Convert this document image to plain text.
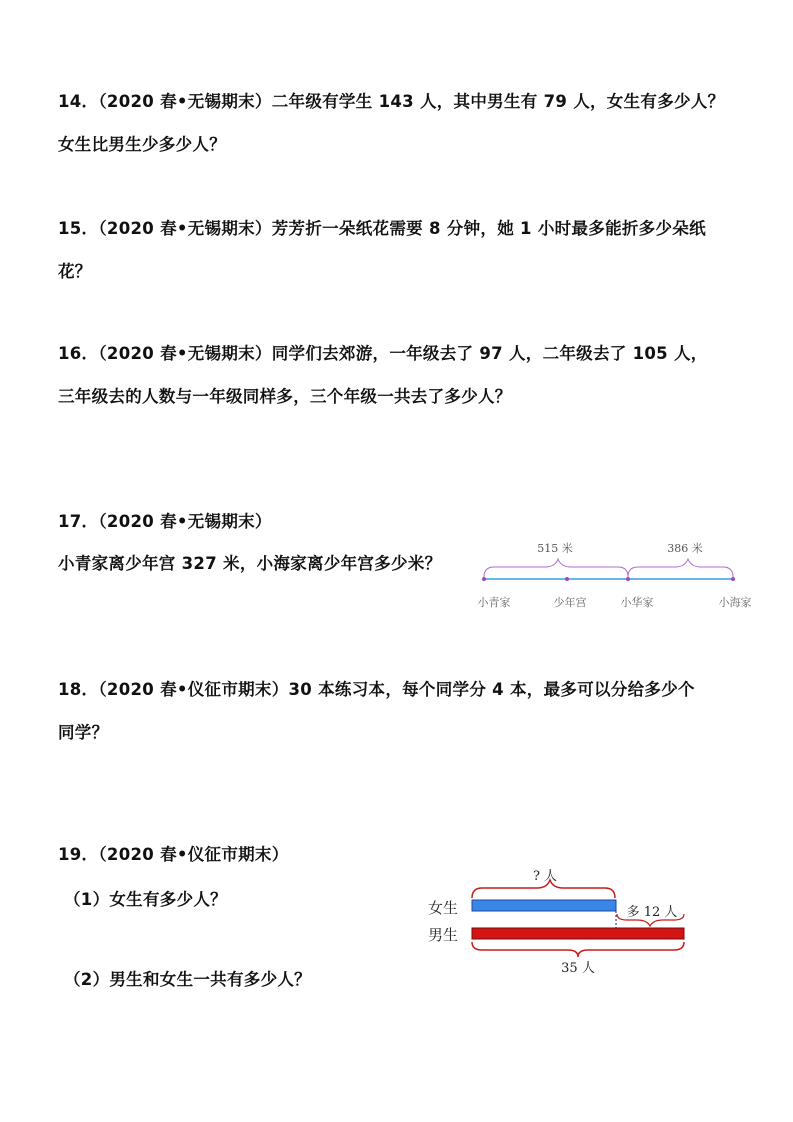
14．（2020 春•无锡期末）二年级有学生 143 人，其中男生有 79 人，女生有多少人？
女生比男生少多少人？
15．（2020 春•无锡期末）芳芳折一朵纸花需要 8 分钟，她 1 小时最多能折多少朵纸
花？
16．（2020 春•无锡期末）同学们去郊游，一年级去了 97 人，二年级去了 105 人，
三年级去的人数与一年级同样多，三个年级一共去了多少人？
17．（2020 春•无锡期末）
小青家离少年宫 327 米，小海家离少年宫多少米？
515 米	386 米
小青家	少年宫	小华家	小海家
18．（2020 春•仪征市期末）30 本练习本，每个同学分 4 本，最多可以分给多少个
同学？
19．（2020 春•仪征市期末）
（1）女生有多少人？
（2）男生和女生一共有多少人？
? 人
女生	多 12 人
男生
35 人
